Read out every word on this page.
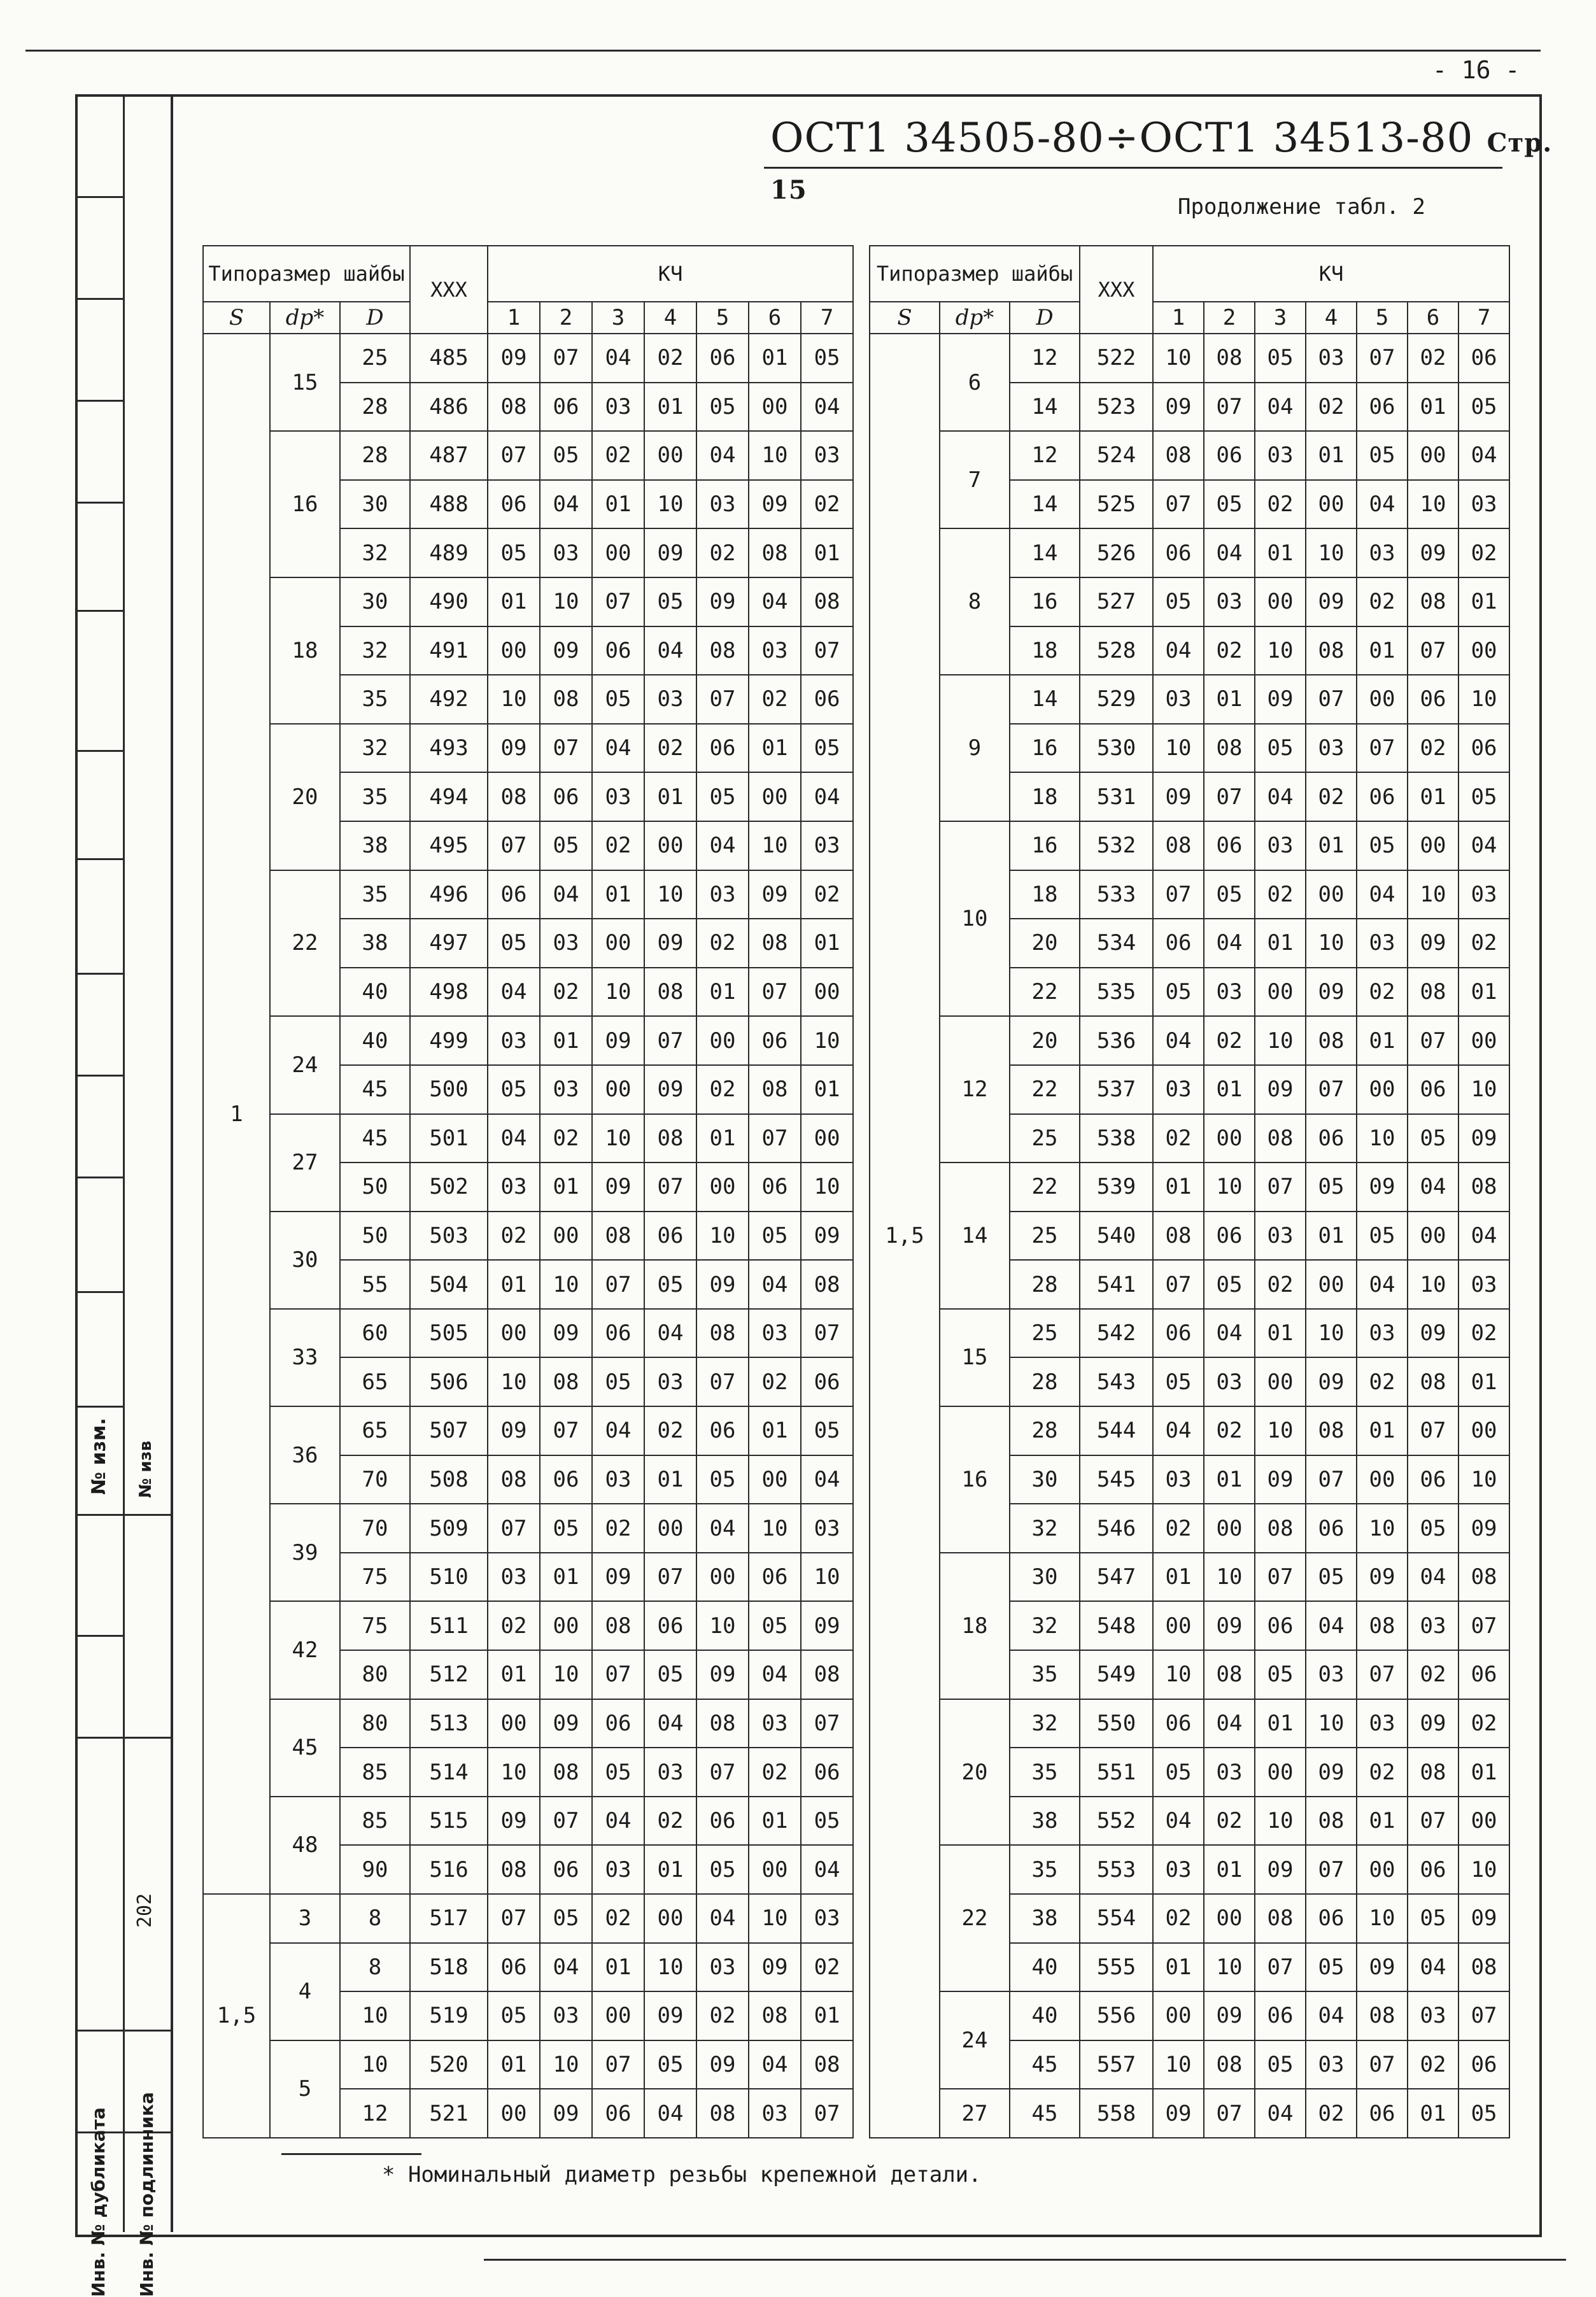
- 16 -
№ изм. № изв
202
Инв. № дубликата Инв. № подлинника
ОСТ1 34505-80÷ОСТ1 34513-80 Стр. 15
Продолжение табл. 2
Типоразмер шайбы			XXX	КЧ						
S	dр*	D		1	2	3	4	5	6	7
1	15	25	485	09	07	04	02	06	01	05
		28	486	08	06	03	01	05	00	04
	16	28	487	07	05	02	00	04	10	03
		30	488	06	04	01	10	03	09	02
		32	489	05	03	00	09	02	08	01
	18	30	490	01	10	07	05	09	04	08
		32	491	00	09	06	04	08	03	07
		35	492	10	08	05	03	07	02	06
	20	32	493	09	07	04	02	06	01	05
		35	494	08	06	03	01	05	00	04
		38	495	07	05	02	00	04	10	03
	22	35	496	06	04	01	10	03	09	02
		38	497	05	03	00	09	02	08	01
		40	498	04	02	10	08	01	07	00
	24	40	499	03	01	09	07	00	06	10
		45	500	05	03	00	09	02	08	01
	27	45	501	04	02	10	08	01	07	00
		50	502	03	01	09	07	00	06	10
	30	50	503	02	00	08	06	10	05	09
		55	504	01	10	07	05	09	04	08
	33	60	505	00	09	06	04	08	03	07
		65	506	10	08	05	03	07	02	06
	36	65	507	09	07	04	02	06	01	05
		70	508	08	06	03	01	05	00	04
	39	70	509	07	05	02	00	04	10	03
		75	510	03	01	09	07	00	06	10
	42	75	511	02	00	08	06	10	05	09
		80	512	01	10	07	05	09	04	08
	45	80	513	00	09	06	04	08	03	07
		85	514	10	08	05	03	07	02	06
	48	85	515	09	07	04	02	06	01	05
		90	516	08	06	03	01	05	00	04
1,5	3	8	517	07	05	02	00	04	10	03
	4	8	518	06	04	01	10	03	09	02
		10	519	05	03	00	09	02	08	01
	5	10	520	01	10	07	05	09	04	08
		12	521	00	09	06	04	08	03	07
Типоразмер шайбы			XXX	КЧ						
S	dр*	D		1	2	3	4	5	6	7
1,5	6	12	522	10	08	05	03	07	02	06
		14	523	09	07	04	02	06	01	05
	7	12	524	08	06	03	01	05	00	04
		14	525	07	05	02	00	04	10	03
	8	14	526	06	04	01	10	03	09	02
		16	527	05	03	00	09	02	08	01
		18	528	04	02	10	08	01	07	00
	9	14	529	03	01	09	07	00	06	10
		16	530	10	08	05	03	07	02	06
		18	531	09	07	04	02	06	01	05
	10	16	532	08	06	03	01	05	00	04
		18	533	07	05	02	00	04	10	03
		20	534	06	04	01	10	03	09	02
		22	535	05	03	00	09	02	08	01
	12	20	536	04	02	10	08	01	07	00
		22	537	03	01	09	07	00	06	10
		25	538	02	00	08	06	10	05	09
	14	22	539	01	10	07	05	09	04	08
		25	540	08	06	03	01	05	00	04
		28	541	07	05	02	00	04	10	03
	15	25	542	06	04	01	10	03	09	02
		28	543	05	03	00	09	02	08	01
	16	28	544	04	02	10	08	01	07	00
		30	545	03	01	09	07	00	06	10
		32	546	02	00	08	06	10	05	09
	18	30	547	01	10	07	05	09	04	08
		32	548	00	09	06	04	08	03	07
		35	549	10	08	05	03	07	02	06
	20	32	550	06	04	01	10	03	09	02
		35	551	05	03	00	09	02	08	01
		38	552	04	02	10	08	01	07	00
	22	35	553	03	01	09	07	00	06	10
		38	554	02	00	08	06	10	05	09
		40	555	01	10	07	05	09	04	08
	24	40	556	00	09	06	04	08	03	07
		45	557	10	08	05	03	07	02	06
	27	45	558	09	07	04	02	06	01	05
* Номинальный диаметр резьбы крепежной детали.
